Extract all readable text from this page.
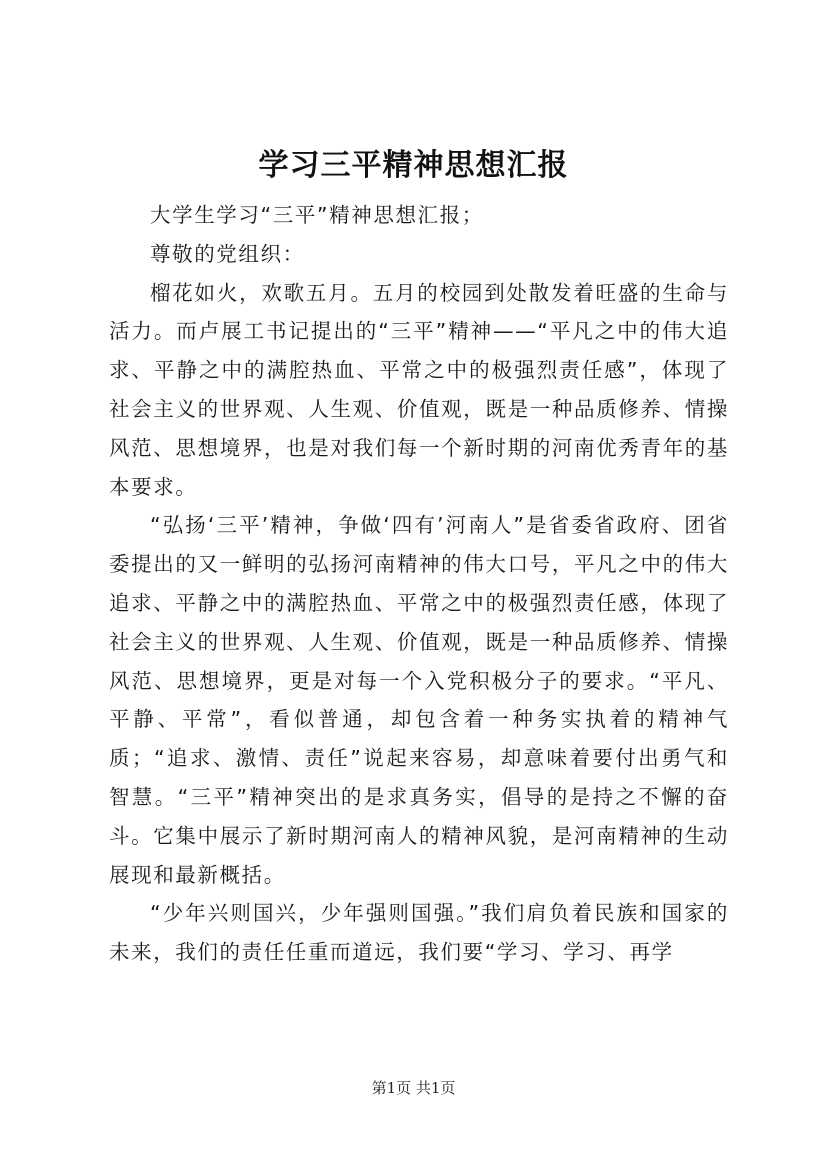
学习三平精神思想汇报

大学生学习“三平”精神思想汇报；

尊敬的党组织：

榴花如火，欢歌五月。五月的校园到处散发着旺盛的生命与活力。而卢展工书记提出的“三平”精神——“平凡之中的伟大追求、平静之中的满腔热血、平常之中的极强烈责任感”，体现了社会主义的世界观、人生观、价值观，既是一种品质修养、情操风范、思想境界，也是对我们每一个新时期的河南优秀青年的基本要求。

“弘扬‘三平’精神，争做‘四有’河南人”是省委省政府、团省委提出的又一鲜明的弘扬河南精神的伟大口号，平凡之中的伟大追求、平静之中的满腔热血、平常之中的极强烈责任感，体现了社会主义的世界观、人生观、价值观，既是一种品质修养、情操风范、思想境界，更是对每一个入党积极分子的要求。“平凡、平静、平常”，看似普通，却包含着一种务实执着的精神气质；“追求、激情、责任”说起来容易，却意味着要付出勇气和智慧。“三平”精神突出的是求真务实，倡导的是持之不懈的奋斗。它集中展示了新时期河南人的精神风貌，是河南精神的生动展现和最新概括。

“少年兴则国兴，少年强则国强。”我们肩负着民族和国家的未来，我们的责任任重而道远，我们要“学习、学习、再学

第1页 共1页
